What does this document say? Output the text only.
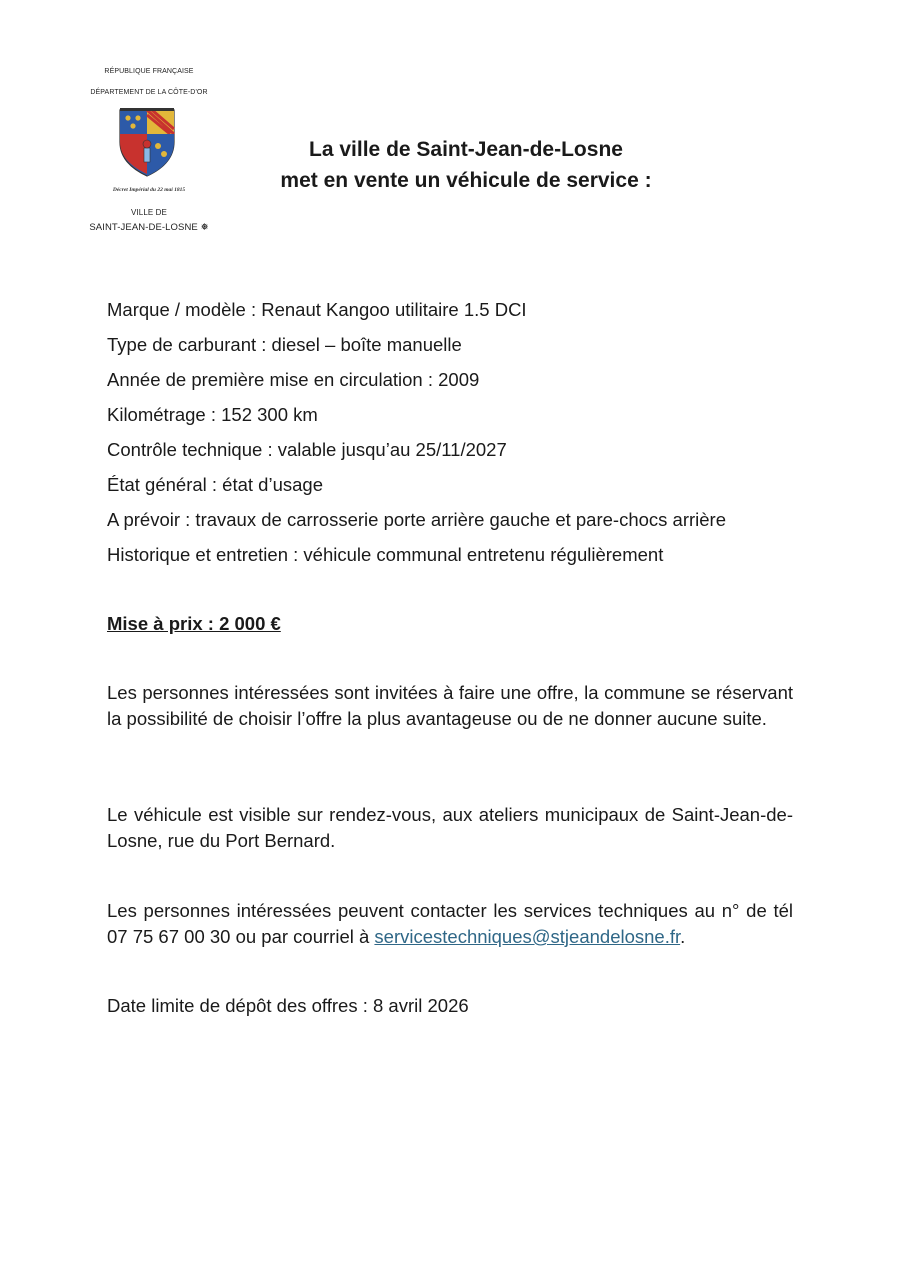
RÉPUBLIQUE FRANÇAISE
DÉPARTEMENT DE LA CÔTE-D'OR
Décret Impérial du 22 mai 1815
VILLE DE
SAINT-JEAN-DE-LOSNE ❅
La ville de Saint-Jean-de-Losne
met en vente un véhicule de service :
Marque / modèle : Renaut Kangoo utilitaire 1.5 DCI
Type de carburant : diesel – boîte manuelle
Année de première mise en circulation : 2009
Kilométrage : 152 300 km
Contrôle technique : valable jusqu’au 25/11/2027
État général : état d’usage
A prévoir : travaux de carrosserie porte arrière gauche et pare-chocs arrière
Historique et entretien : véhicule communal entretenu régulièrement
Mise à prix : 2 000 €

Les personnes intéressées sont invitées à faire une offre, la commune se réservant la possibilité de choisir l’offre la plus avantageuse ou de ne donner aucune suite.

Le véhicule est visible sur rendez-vous, aux ateliers municipaux de Saint-Jean-de-Losne, rue du Port Bernard.

Les personnes intéressées peuvent contacter les services techniques au n° de tél 07 75 67 00 30 ou par courriel à servicestechniques@stjeandelosne.fr.

Date limite de dépôt des offres : 8 avril 2026
